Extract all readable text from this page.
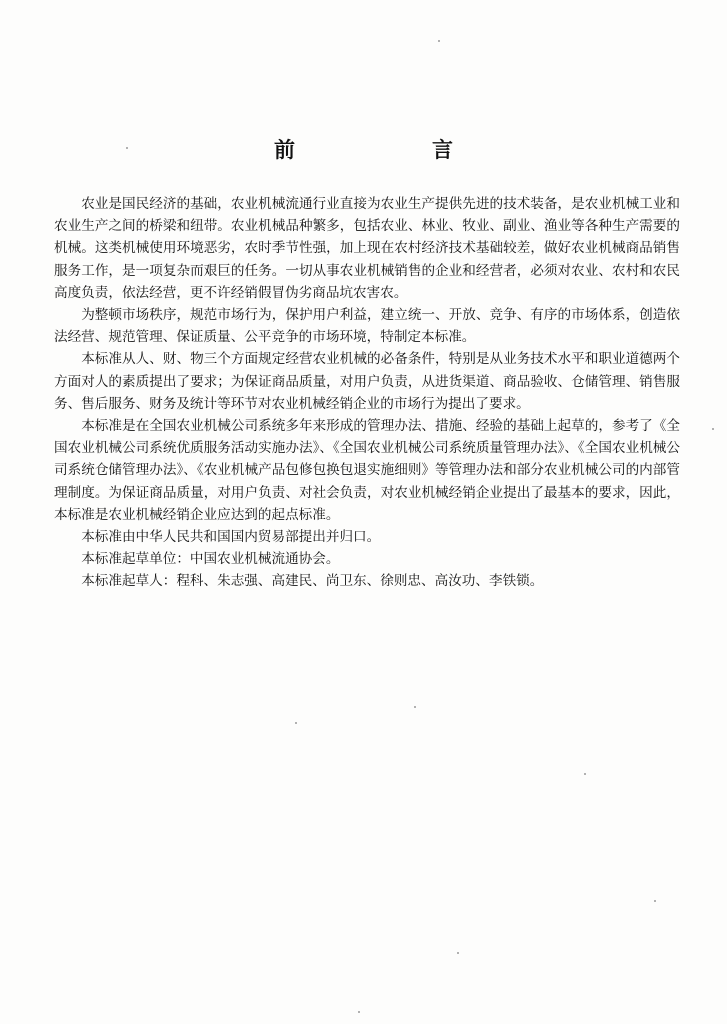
前　言

农业是国民经济的基础，农业机械流通行业直接为农业生产提供先进的技术装备，是农业机械工业和农业生产之间的桥梁和纽带。农业机械品种繁多，包括农业、林业、牧业、副业、渔业等各种生产需要的机械。这类机械使用环境恶劣，农时季节性强，加上现在农村经济技术基础较差，做好农业机械商品销售服务工作，是一项复杂而艰巨的任务。一切从事农业机械销售的企业和经营者，必须对农业、农村和农民高度负责，依法经营，更不许经销假冒伪劣商品坑农害农。

为整顿市场秩序，规范市场行为，保护用户利益，建立统一、开放、竞争、有序的市场体系，创造依法经营、规范管理、保证质量、公平竞争的市场环境，特制定本标准。

本标准从人、财、物三个方面规定经营农业机械的必备条件，特别是从业务技术水平和职业道德两个方面对人的素质提出了要求；为保证商品质量，对用户负责，从进货渠道、商品验收、仓储管理、销售服务、售后服务、财务及统计等环节对农业机械经销企业的市场行为提出了要求。

本标准是在全国农业机械公司系统多年来形成的管理办法、措施、经验的基础上起草的，参考了《全国农业机械公司系统优质服务活动实施办法》、《全国农业机械公司系统质量管理办法》、《全国农业机械公司系统仓储管理办法》、《农业机械产品包修包换包退实施细则》等管理办法和部分农业机械公司的内部管理制度。为保证商品质量，对用户负责、对社会负责，对农业机械经销企业提出了最基本的要求，因此，本标准是农业机械经销企业应达到的起点标准。

本标准由中华人民共和国国内贸易部提出并归口。

本标准起草单位：中国农业机械流通协会。

本标准起草人：程科、朱志强、高建民、尚卫东、徐则忠、高汝功、李铁锁。
